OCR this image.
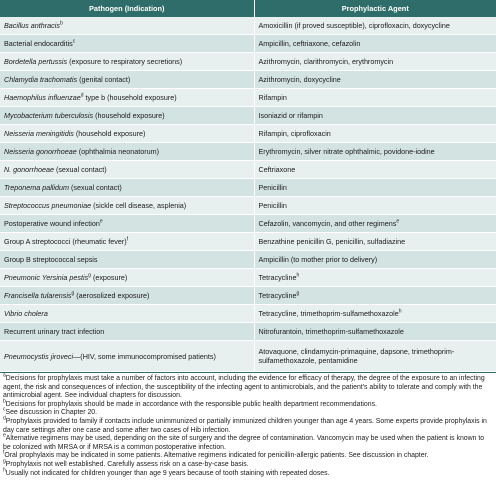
Pathogen (Indication)	Prophylactic Agent
Bacillus anthracis$^b$	Amoxicillin (if proved susceptible), ciprofloxacin, doxycycline
Bacterial endocarditis$^c$	Ampicillin, ceftriaxone, cefazolin
Bordetella pertussis (exposure to respiratory secretions)	Azithromycin, clarithromycin, erythromycin
Chlamydia trachomatis (genital contact)	Azithromycin, doxycycline
Haemophilus influenzae$^d$ type b (household exposure)	Rifampin
Mycobacterium tuberculosis (household exposure)	Isoniazid or rifampin
Neisseria meningitidis (household exposure)	Rifampin, ciprofloxacin
Neisseria gonorrhoeae (ophthalmia neonatorum)	Erythromycin, silver nitrate ophthalmic, povidone-iodine
N. gonorrhoeae (sexual contact)	Ceftriaxone
Treponema pallidum (sexual contact)	Penicillin
Streptococcus pneumoniae (sickle cell disease, asplenia)	Penicillin
Postoperative wound infection$^e$	Cefazolin, vancomycin, and other regimens$^e$
Group A streptococci (rheumatic fever)$^f$	Benzathine penicillin G, penicillin, sulfadiazine
Group B streptococcal sepsis	Ampicillin (to mother prior to delivery)
Pneumonic Yersinia pestis$^g$ (exposure)	Tetracycline$^h$
Francisella tularensis$^g$ (aerosolized exposure)	Tetracycline$^g$
Vibrio cholera	Tetracycline, trimethoprim-sulfamethoxazole$^h$
Recurrent urinary tract infection	Nitrofurantoin, trimethoprim-sulfamethoxazole
Pneumocystis jiroveci—(HIV, some immunocompromised patients)	Atovaquone, clindamycin-primaquine, dapsone, trimethoprim-sulfamethoxazole, pentamidine

$^a$Decisions for prophylaxis must take a number of factors into account, including the evidence for efficacy of therapy, the degree of the exposure to an infecting agent, the risk and consequences of infection, the susceptibility of the infecting agent to antimicrobials, and the patient's ability to tolerate and comply with the antimicrobial agent. See individual chapters for discussion.

$^b$Decisions for prophylaxis should be made in accordance with the responsible public health department recommendations.

$^c$See discussion in Chapter 20.

$^d$Prophylaxis provided to family if contacts include unimmunized or partially immunized children younger than age 4 years. Some experts provide prophylaxis in day care settings after one case and some after two cases of Hib infection.

$^e$Alternative regimens may be used, depending on the site of surgery and the degree of contamination. Vancomycin may be used when the patient is known to be colonized with MRSA or if MRSA is a common postoperative infection.

$^f$Oral prophylaxis may be indicated in some patients. Alternative regimens indicated for penicillin-allergic patients. See discussion in chapter.

$^g$Prophylaxis not well established. Carefully assess risk on a case-by-case basis.

$^h$Usually not indicated for children younger than age 9 years because of tooth staining with repeated doses.
